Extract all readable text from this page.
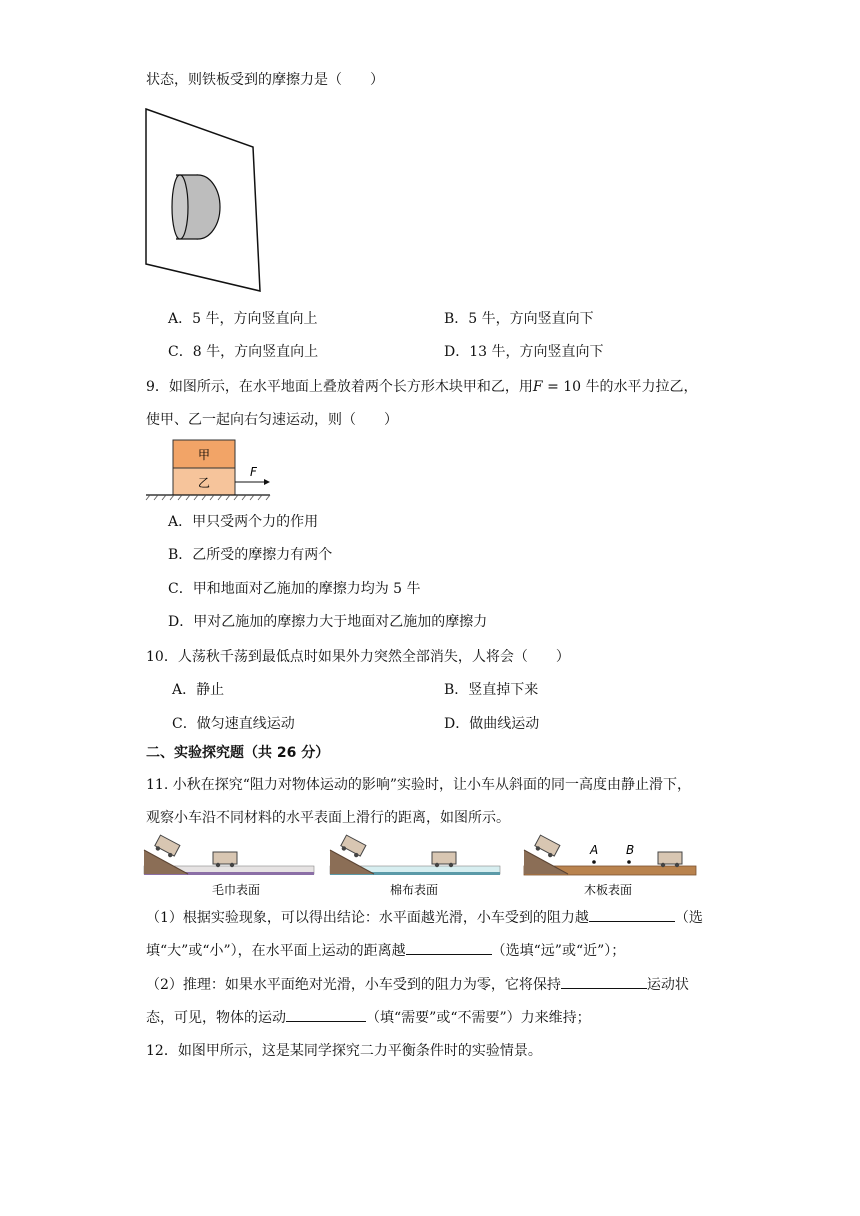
状态，则铁板受到的摩擦力是（　　）
A．5 牛，方向竖直向上	B．5 牛，方向竖直向下
C．8 牛，方向竖直向上	D．13 牛，方向竖直向下
9．如图所示，在水平地面上叠放着两个长方形木块甲和乙，用F = 10 牛的水平力拉乙，
使甲、乙一起向右匀速运动，则（　　）
甲
乙
F
A．甲只受两个力的作用
B．乙所受的摩擦力有两个
C．甲和地面对乙施加的摩擦力均为 5 牛
D．甲对乙施加的摩擦力大于地面对乙施加的摩擦力
10．人荡秋千荡到最低点时如果外力突然全部消失，人将会（　　）
A．静止	B．竖直掉下来
C．做匀速直线运动	D．做曲线运动
二、实验探究题（共 26 分）
11. 小秋在探究“阻力对物体运动的影响”实验时，让小车从斜面的同一高度由静止滑下，
观察小车沿不同材料的水平表面上滑行的距离，如图所示。
毛巾表面	棉布表面
A B
木板表面
（1）根据实验现象，可以得出结论：水平面越光滑，小车受到的阻力越	（选
填“大”或“小”），在水平面上运动的距离越	（选填“远”或“近”）；
（2）推理：如果水平面绝对光滑，小车受到的阻力为零，它将保持	运动状
态，可见，物体的运动	（填“需要”或“不需要”）力来维持；
12．如图甲所示，这是某同学探究二力平衡条件时的实验情景。
